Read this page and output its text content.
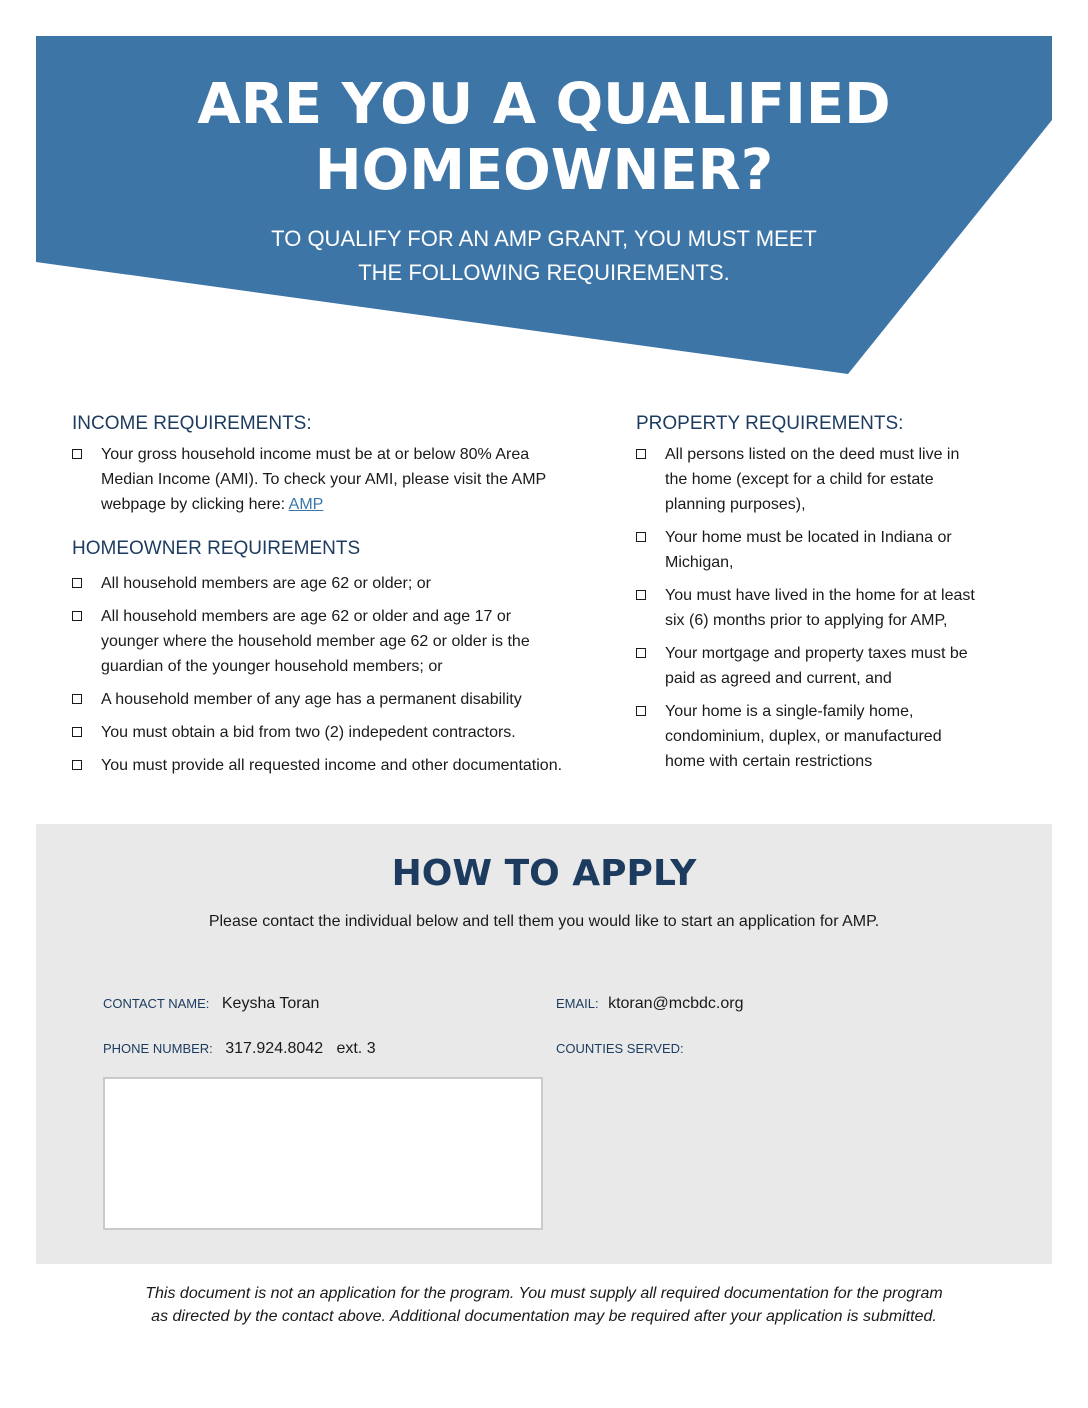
ARE YOU A QUALIFIED
HOMEOWNER?
TO QUALIFY FOR AN AMP GRANT, YOU MUST MEET
THE FOLLOWING REQUIREMENTS.
INCOME REQUIREMENTS:
Your gross household income must be at or below 80% Area Median Income (AMI). To check your AMI, please visit the AMP webpage by clicking here: AMP
HOMEOWNER REQUIREMENTS
All household members are age 62 or older; or
All household members are age 62 or older and age 17 or younger where the household member age 62 or older is the guardian of the younger household members; or
A household member of any age has a permanent disability
You must obtain a bid from two (2) indepedent contractors.
You must provide all requested income and other documentation.
PROPERTY REQUIREMENTS:
All persons listed on the deed must live in the home (except for a child for estate planning purposes),
Your home must be located in Indiana or Michigan,
You must have lived in the home for at least six (6) months prior to applying for AMP,
Your mortgage and property taxes must be paid as agreed and current, and
Your home is a single-family home, condominium, duplex, or manufactured home with certain restrictions
HOW TO APPLY
Please contact the individual below and tell them you would like to start an application for AMP.
CONTACT NAME: Keysha Toran	EMAIL: ktoran@mcbdc.org
PHONE NUMBER: 317.924.8042   ext. 3	COUNTIES SERVED:
This document is not an application for the program. You must supply all required documentation for the program
as directed by the contact above. Additional documentation may be required after your application is submitted.
